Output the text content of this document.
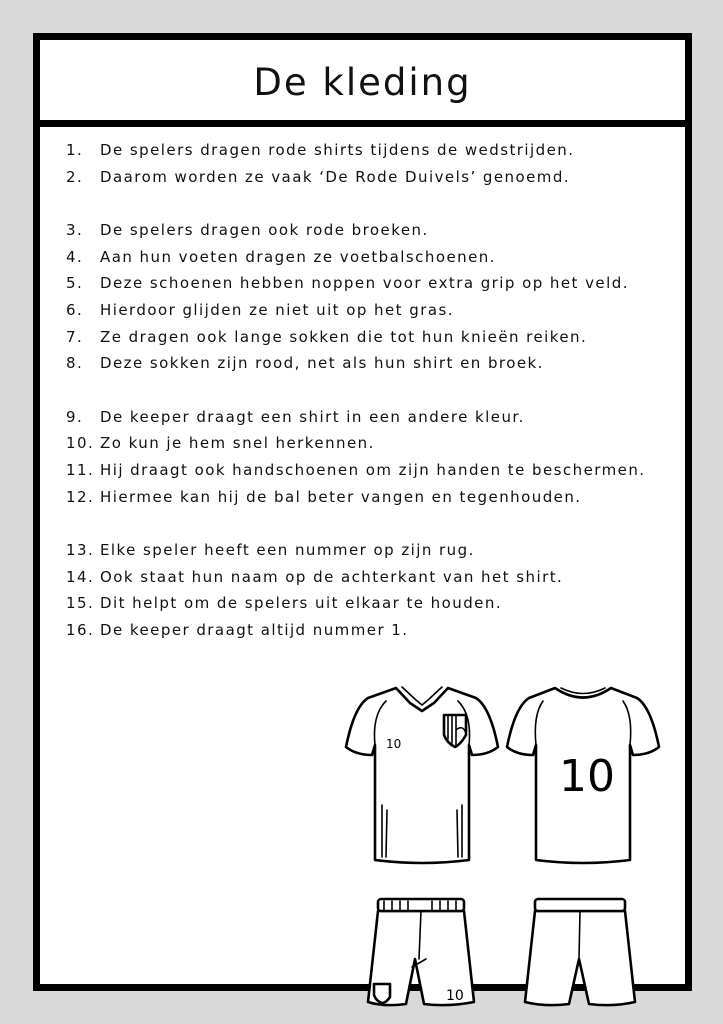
De kleding
1.	De spelers dragen rode shirts tijdens de wedstrijden.
2.	Daarom worden ze vaak ‘De Rode Duivels’ genoemd.
3.	De spelers dragen ook rode broeken.
4.	Aan hun voeten dragen ze voetbalschoenen.
5.	Deze schoenen hebben noppen voor extra grip op het veld.
6.	Hierdoor glijden ze niet uit op het gras.
7.	Ze dragen ook lange sokken die tot hun knieën reiken.
8.	Deze sokken zijn rood, net als hun shirt en broek.
9.	De keeper draagt een shirt in een andere kleur.
10. Zo kun je hem snel herkennen.
11. Hij draagt ook handschoenen om zijn handen te beschermen.
12. Hiermee kan hij de bal beter vangen en tegenhouden.
13. Elke speler heeft een nummer op zijn rug.
14. Ook staat hun naam op de achterkant van het shirt.
15. Dit helpt om de spelers uit elkaar te houden.
16. De keeper draagt altijd nummer 1.
10
10
10
